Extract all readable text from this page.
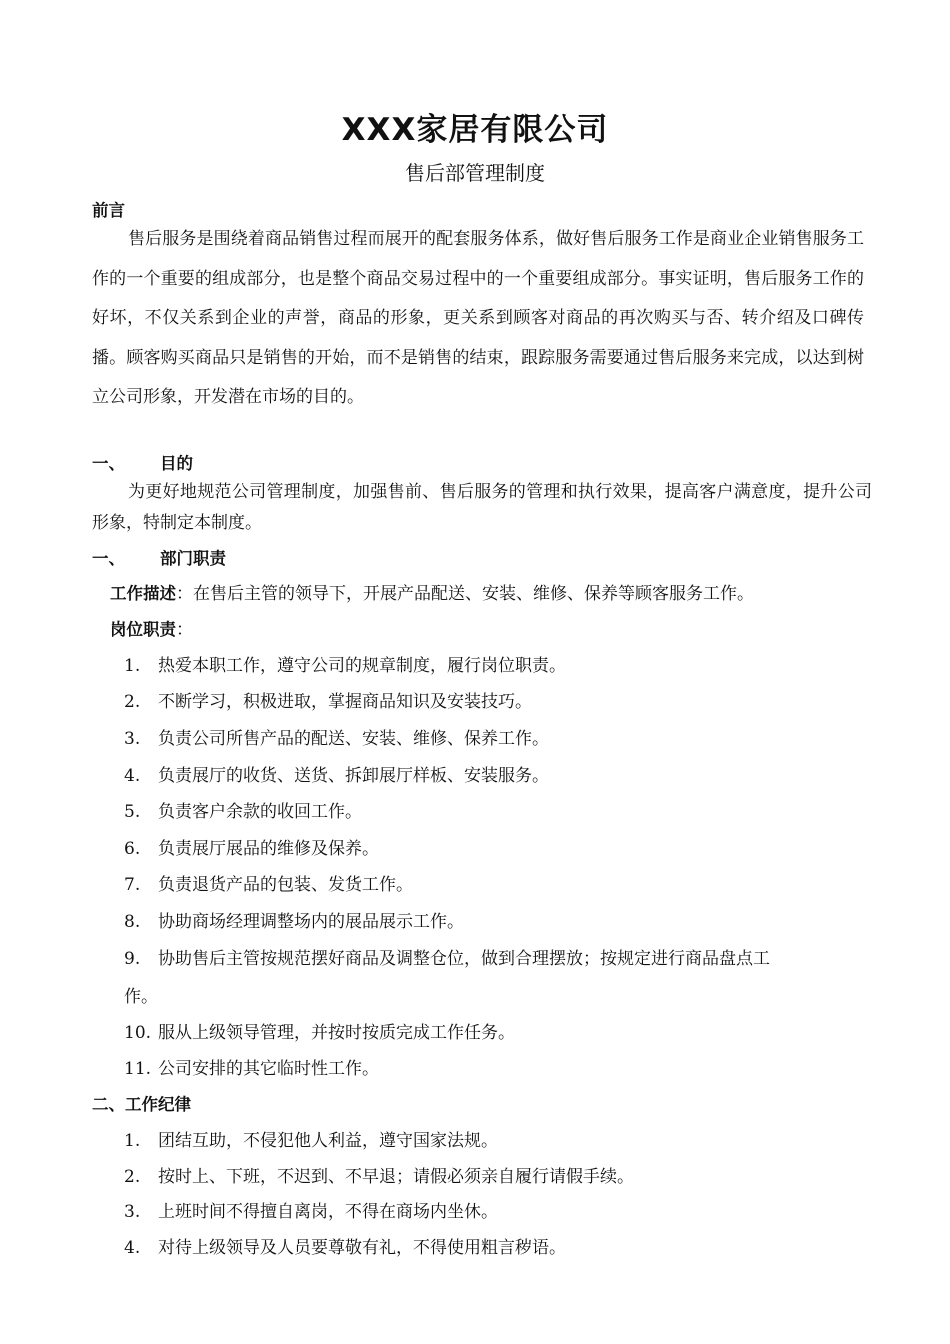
XXX家居有限公司
售后部管理制度
前言
售后服务是围绕着商品销售过程而展开的配套服务体系，做好售后服务工作是商业企业销售服务工作的一个重要的组成部分，也是整个商品交易过程中的一个重要组成部分。事实证明，售后服务工作的好坏，不仅关系到企业的声誉，商品的形象，更关系到顾客对商品的再次购买与否、转介绍及口碑传播。顾客购买商品只是销售的开始，而不是销售的结束，跟踪服务需要通过售后服务来完成，以达到树立公司形象，开发潜在市场的目的。
一、 目的
为更好地规范公司管理制度，加强售前、售后服务的管理和执行效果，提高客户满意度，提升公司形象，特制定本制度。
一、 部门职责
工作描述：在售后主管的领导下，开展产品配送、安装、维修、保养等顾客服务工作。
岗位职责：
1. 热爱本职工作，遵守公司的规章制度，履行岗位职责。
2. 不断学习，积极进取，掌握商品知识及安装技巧。
3. 负责公司所售产品的配送、安装、维修、保养工作。
4. 负责展厅的收货、送货、拆卸展厅样板、安装服务。
5. 负责客户余款的收回工作。
6. 负责展厅展品的维修及保养。
7. 负责退货产品的包装、发货工作。
8. 协助商场经理调整场内的展品展示工作。
9. 协助售后主管按规范摆好商品及调整仓位，做到合理摆放；按规定进行商品盘点工
作。
10. 服从上级领导管理，并按时按质完成工作任务。
11. 公司安排的其它临时性工作。
二、工作纪律
1. 团结互助，不侵犯他人利益，遵守国家法规。
2. 按时上、下班，不迟到、不早退；请假必须亲自履行请假手续。
3. 上班时间不得擅自离岗，不得在商场内坐休。
4. 对待上级领导及人员要尊敬有礼，不得使用粗言秽语。
